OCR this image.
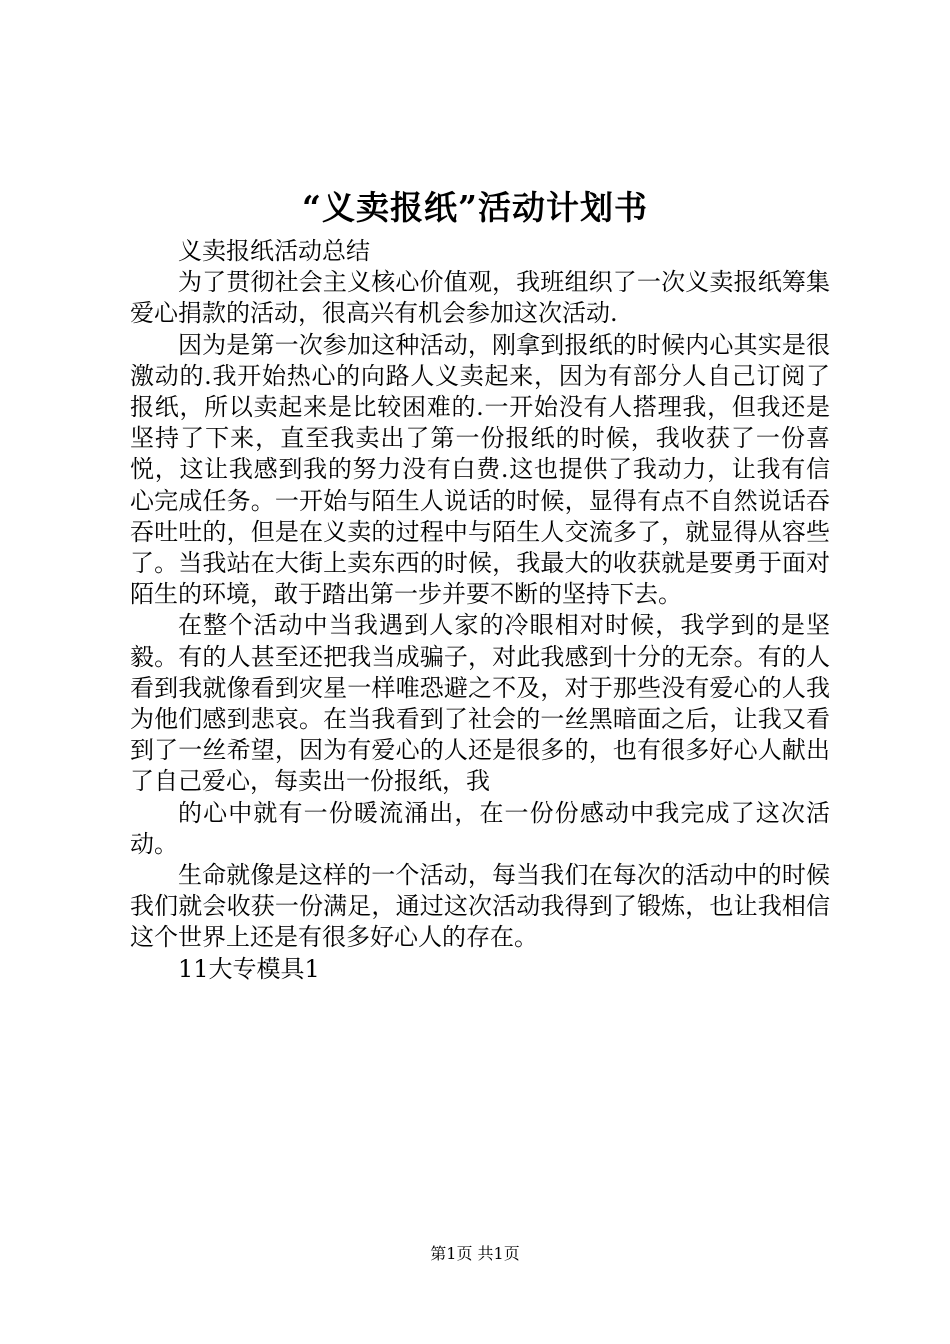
“义卖报纸”活动计划书

义卖报纸活动总结

为了贯彻社会主义核心价值观，我班组织了一次义卖报纸筹集爱心捐款的活动，很高兴有机会参加这次活动.

因为是第一次参加这种活动，刚拿到报纸的时候内心其实是很激动的.我开始热心的向路人义卖起来，因为有部分人自己订阅了报纸，所以卖起来是比较困难的.一开始没有人搭理我，但我还是坚持了下来，直至我卖出了第一份报纸的时候，我收获了一份喜悦，这让我感到我的努力没有白费.这也提供了我动力，让我有信心完成任务。一开始与陌生人说话的时候，显得有点不自然说话吞吞吐吐的，但是在义卖的过程中与陌生人交流多了，就显得从容些了。当我站在大街上卖东西的时候，我最大的收获就是要勇于面对陌生的环境，敢于踏出第一步并要不断的坚持下去。

在整个活动中当我遇到人家的冷眼相对时候，我学到的是坚毅。有的人甚至还把我当成骗子，对此我感到十分的无奈。有的人看到我就像看到灾星一样唯恐避之不及，对于那些没有爱心的人我为他们感到悲哀。在当我看到了社会的一丝黑暗面之后，让我又看到了一丝希望，因为有爱心的人还是很多的，也有很多好心人献出了自己爱心，每卖出一份报纸，我

的心中就有一份暖流涌出，在一份份感动中我完成了这次活动。

生命就像是这样的一个活动，每当我们在每次的活动中的时候我们就会收获一份满足，通过这次活动我得到了锻炼，也让我相信这个世界上还是有很多好心人的存在。

11大专模具1

第1页 共1页
